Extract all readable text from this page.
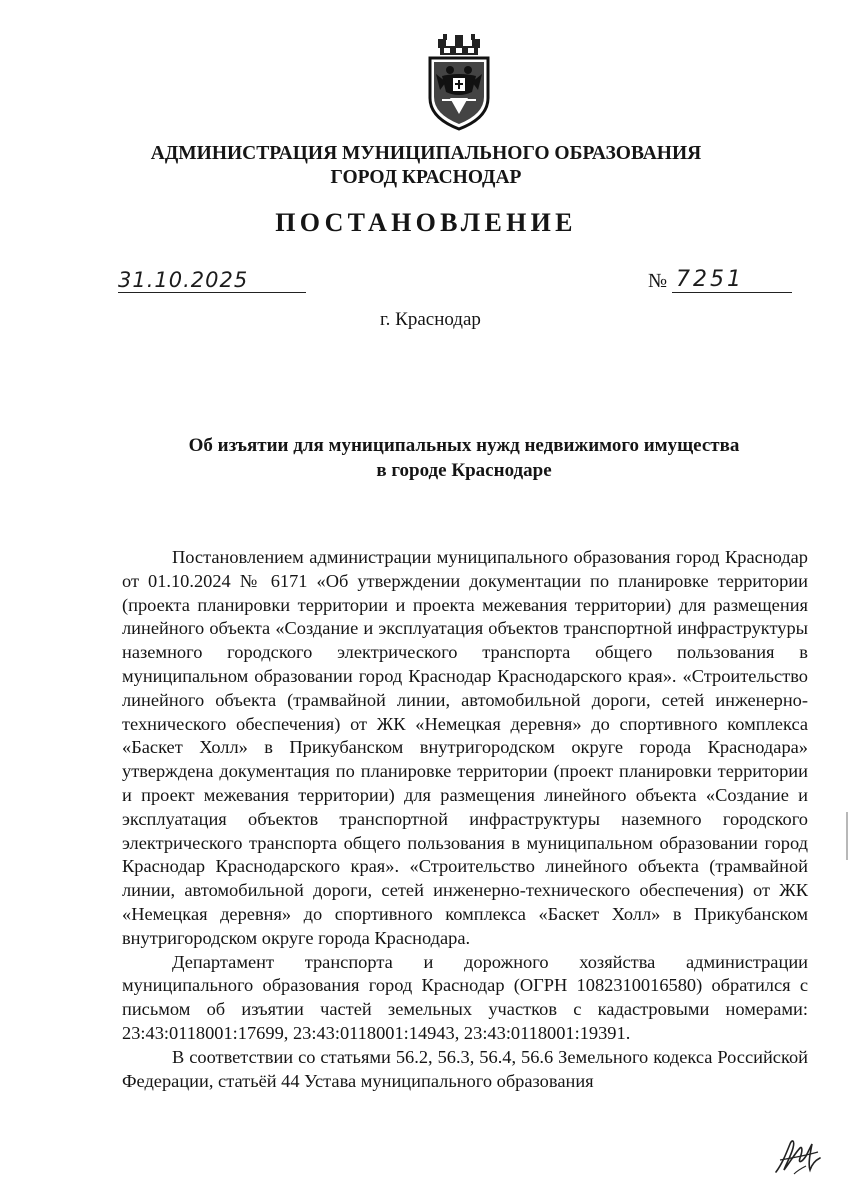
АДМИНИСТРАЦИЯ МУНИЦИПАЛЬНОГО ОБРАЗОВАНИЯ
ГОРОД КРАСНОДАР
ПОСТАНОВЛЕНИЕ
31.10.2025	№ 7251
г. Краснодар
Об изъятии для муниципальных нужд недвижимого имущества
в городе Краснодаре

Постановлением администрации муниципального образования город Краснодар от 01.10.2024 № 6171 «Об утверждении документации по планировке территории (проекта планировки территории и проекта межевания территории) для размещения линейного объекта «Создание и эксплуатация объектов транспортной инфраструктуры наземного городского электрического транспорта общего пользования в муниципальном образовании город Краснодар Краснодарского края». «Строительство линейного объекта (трамвайной линии, автомобильной дороги, сетей инженерно-технического обеспечения) от ЖК «Немецкая деревня» до спортивного комплекса «Баскет Холл» в Прикубанском внутригородском округе города Краснодара» утверждена документация по планировке территории (проект планировки территории и проект межевания территории) для размещения линейного объекта «Создание и эксплуатация объектов транспортной инфраструктуры наземного городского электрического транспорта общего пользования в муниципальном образовании город Краснодар Краснодарского края». «Строительство линейного объекта (трамвайной линии, автомобильной дороги, сетей инженерно-технического обеспечения) от ЖК «Немецкая деревня» до спортивного комплекса «Баскет Холл» в Прикубанском внутригородском округе города Краснодара.

Департамент транспорта и дорожного хозяйства администрации муниципального образования город Краснодар (ОГРН 1082310016580) обратился с письмом об изъятии частей земельных участков с кадастровыми номерами: 23:43:0118001:17699, 23:43:0118001:14943, 23:43:0118001:19391.

В соответствии со статьями 56.2, 56.3, 56.4, 56.6 Земельного кодекса Российской Федерации, статьёй 44 Устава муниципального образования
